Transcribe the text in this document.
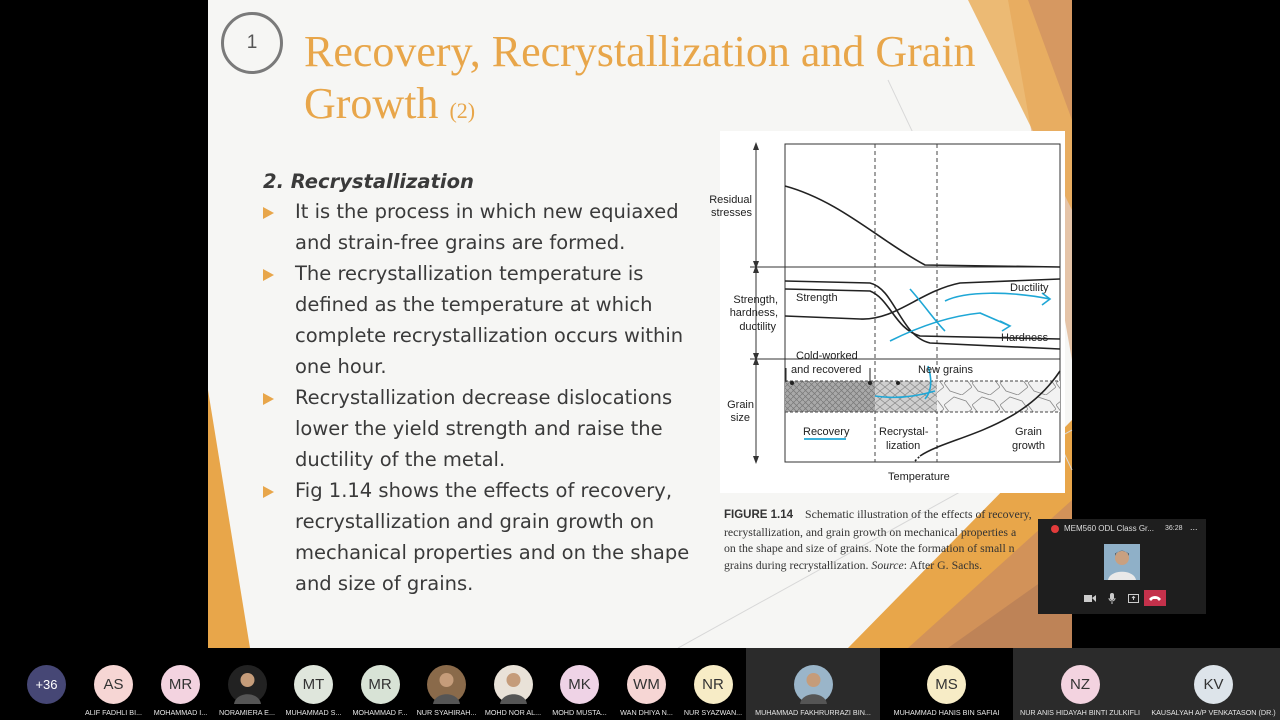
1 Recovery, Recrystallization and Grain Growth (2)
2. Recrystallization
It is the process in which new equiaxed and strain-free grains are formed.
The recrystallization temperature is defined as the temperature at which complete recrystallization occurs within one hour.
Recrystallization decrease dislocations lower the yield strength and raise the ductility of the metal.
Fig 1.14 shows the effects of recovery, recrystallization and grain growth on mechanical properties and on the shape and size of grains.
Residual
stresses
Strength,
hardness,
ductility
Grain
size
Strength
Ductility
Hardness
Cold-worked
and recovered	New grains
Recovery	Recrystal-
lization
Grain
growth
Temperature
FIGURE 1.14 Schematic illustration of the effects of recovery,
recrystallization, and grain growth on mechanical properties a
on the shape and size of grains. Note the formation of small n
grains during recrystallization. Source: After G. Sachs.
MEM560 ODL Class Gr... 36:28 ...
+36	AS
ALIF FADHLI BI...
MR
MOHAMMAD I...	NORAMIERA E...
MT
MUHAMMAD S...
MR
MOHAMMAD F...	NUR SYAHIRAH...	MOHD NOR AL...
MK
MOHD MUSTA...
WM
WAN DHIYA N...
NR
NUR SYAZWAN...	MUHAMMAD FAKHRURRAZI BIN...
MS
MUHAMMAD HANIS BIN SAFIAI
NZ
NUR ANIS HIDAYAH BINTI ZULKIFLI
KV
KAUSALYAH A/P VENKATASON (DR.)
